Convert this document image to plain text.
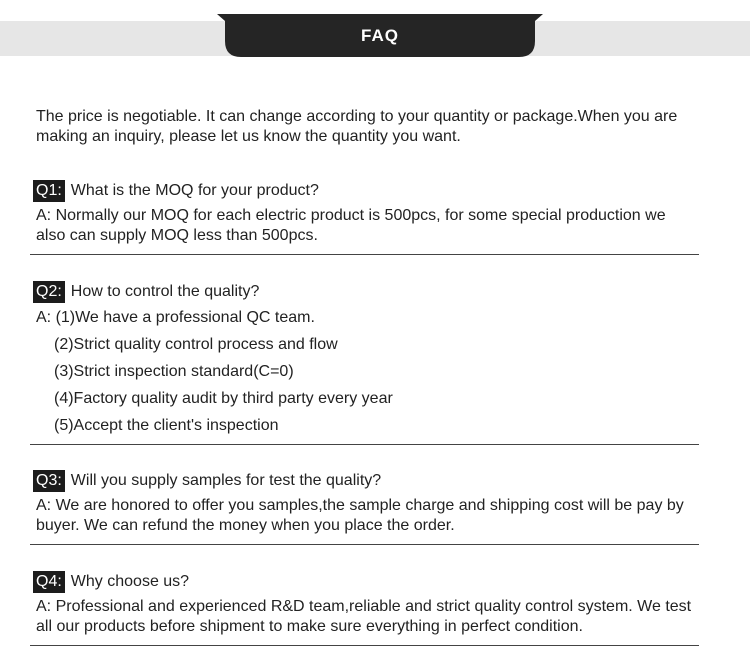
FAQ
The price is negotiable. It can change according to your quantity or package.When you are making an inquiry, please let us know the quantity you want.
Q1: What is the MOQ for your product?
A: Normally our MOQ for each electric product is 500pcs, for some special production we also can supply MOQ less than 500pcs.
Q2: How to control the quality?
A: (1)We have a professional QC team.
(2)Strict quality control process and flow
(3)Strict inspection standard(C=0)
(4)Factory quality audit by third party every year
(5)Accept the client's inspection
Q3: Will you supply samples for test the quality?
A: We are honored to offer you samples,the sample charge and shipping cost will be pay by buyer. We can refund the money when you place the order.
Q4: Why choose us?
A: Professional and experienced R&D team,reliable and strict quality control system. We test all our products before shipment to make sure everything in perfect condition.
